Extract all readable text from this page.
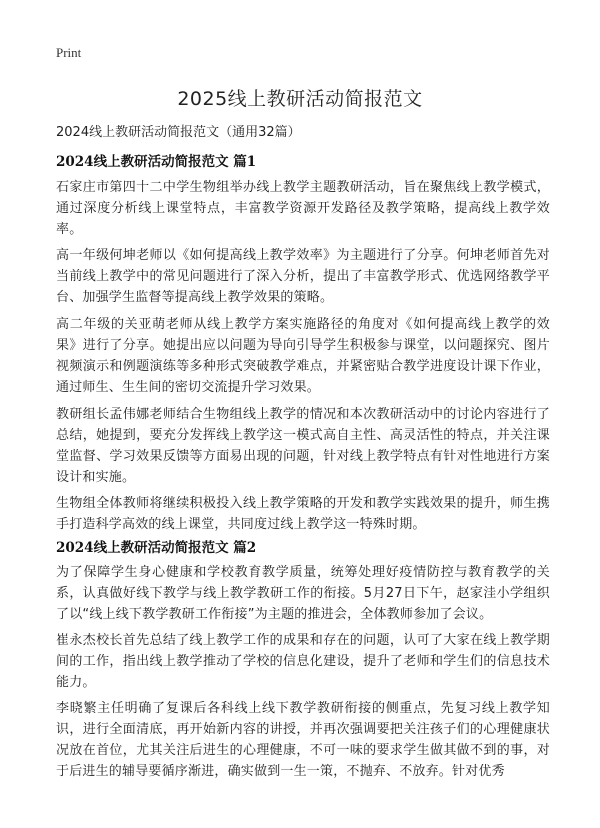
Print
2025线上教研活动简报范文
2024线上教研活动简报范文（通用32篇）
2024线上教研活动简报范文 篇1

石家庄市第四十二中学生物组举办线上教学主题教研活动，旨在聚焦线上教学模式，通过深度分析线上课堂特点，丰富教学资源开发路径及教学策略，提高线上教学效率。

高一年级何坤老师以《如何提高线上教学效率》为主题进行了分享。何坤老师首先对当前线上教学中的常见问题进行了深入分析，提出了丰富教学形式、优选网络教学平台、加强学生监督等提高线上教学效果的策略。

高二年级的关亚萌老师从线上教学方案实施路径的角度对《如何提高线上教学的效果》进行了分享。她提出应以问题为导向引导学生积极参与课堂，以问题探究、图片视频演示和例题演练等多种形式突破教学难点，并紧密贴合教学进度设计课下作业，通过师生、生生间的密切交流提升学习效果。

教研组长孟伟娜老师结合生物组线上教学的情况和本次教研活动中的讨论内容进行了总结，她提到，要充分发挥线上教学这一模式高自主性、高灵活性的特点，并关注课堂监督、学习效果反馈等方面易出现的问题，针对线上教学特点有针对性地进行方案设计和实施。

生物组全体教师将继续积极投入线上教学策略的开发和教学实践效果的提升，师生携手打造科学高效的线上课堂，共同度过线上教学这一特殊时期。

2024线上教研活动简报范文 篇2

为了保障学生身心健康和学校教育教学质量，统筹处理好疫情防控与教育教学的关系，认真做好线下教学与线上教学教研工作的衔接。5月27日下午，赵家洼小学组织了以“线上线下教学教研工作衔接”为主题的推进会，全体教师参加了会议。

崔永杰校长首先总结了线上教学工作的成果和存在的问题，认可了大家在线上教学期间的工作，指出线上教学推动了学校的信息化建设，提升了老师和学生们的信息技术能力。

李晓繁主任明确了复课后各科线上线下教学教研衔接的侧重点，先复习线上教学知识，进行全面清底，再开始新内容的讲授，并再次强调要把关注孩子们的心理健康状况放在首位，尤其关注后进生的心理健康，不可一味的要求学生做其做不到的事，对于后进生的辅导要循序渐进，确实做到一生一策，不抛弃、不放弃。针对优秀
